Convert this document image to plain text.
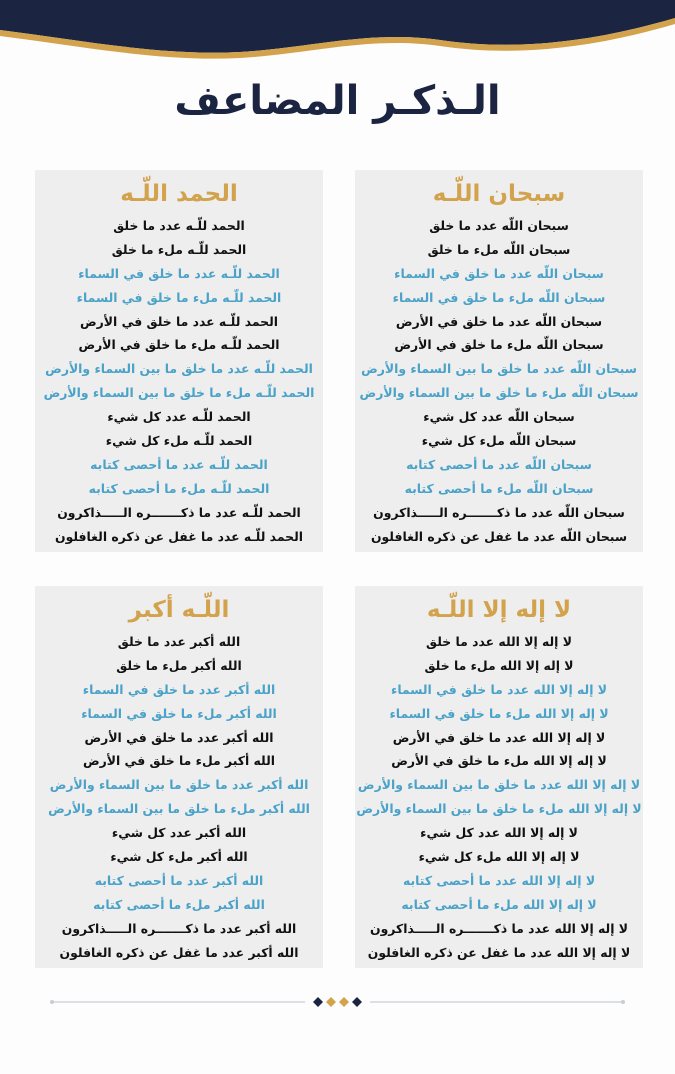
الـذكـر المضاعف
سبحان اللّـه
سبحان اللّه عدد ما خلق
سبحان اللّه ملء ما خلق
سبحان اللّه عدد ما خلق في السماء
سبحان اللّه ملء ما خلق في السماء
سبحان اللّه عدد ما خلق في الأرض
سبحان اللّه ملء ما خلق في الأرض
سبحان اللّه عدد ما خلق ما بين السماء والأرض
سبحان اللّه ملء ما خلق ما بين السماء والأرض
سبحان اللّه عدد كل شيء
سبحان اللّه ملء كل شيء
سبحان اللّه عدد ما أحصى كتابه
سبحان اللّه ملء ما أحصى كتابه
سبحان اللّه عدد ما ذكـــــــره الـــــذاكرون
سبحان اللّه عدد ما غفل عن ذكره الغافلون
الحمد اللّـه
الحمد للّـه عدد ما خلق
الحمد للّـه ملء ما خلق
الحمد للّـه عدد ما خلق في السماء
الحمد للّـه ملء ما خلق في السماء
الحمد للّـه عدد ما خلق في الأرض
الحمد للّـه ملء ما خلق في الأرض
الحمد للّـه عدد ما خلق ما بين السماء والأرض
الحمد للّـه ملء ما خلق ما بين السماء والأرض
الحمد للّـه عدد كل شيء
الحمد للّـه ملء كل شيء
الحمد للّـه عدد ما أحصى كتابه
الحمد للّـه ملء ما أحصى كتابه
الحمد للّـه عدد ما ذكـــــــره الـــــذاكرون
الحمد للّـه عدد ما غفل عن ذكره الغافلون
لا إله إلا اللّـه
لا إله إلا الله عدد ما خلق
لا إله إلا الله ملء ما خلق
لا إله إلا الله عدد ما خلق في السماء
لا إله إلا الله ملء ما خلق في السماء
لا إله إلا الله عدد ما خلق في الأرض
لا إله إلا الله ملء ما خلق في الأرض
لا إله إلا الله عدد ما خلق ما بين السماء والأرض
لا إله إلا الله ملء ما خلق ما بين السماء والأرض
لا إله إلا الله عدد كل شيء
لا إله إلا الله ملء كل شيء
لا إله إلا الله عدد ما أحصى كتابه
لا إله إلا الله ملء ما أحصى كتابه
لا إله إلا الله عدد ما ذكـــــــره الـــــذاكرون
لا إله إلا الله عدد ما غفل عن ذكره الغافلون
اللّـه أكبر
الله أكبر عدد ما خلق
الله أكبر ملء ما خلق
الله أكبر عدد ما خلق في السماء
الله أكبر ملء ما خلق في السماء
الله أكبر عدد ما خلق في الأرض
الله أكبر ملء ما خلق في الأرض
الله أكبر عدد ما خلق ما بين السماء والأرض
الله أكبر ملء ما خلق ما بين السماء والأرض
الله أكبر عدد كل شيء
الله أكبر ملء كل شيء
الله أكبر عدد ما أحصى كتابه
الله أكبر ملء ما أحصى كتابه
الله أكبر عدد ما ذكـــــــره الـــــذاكرون
الله أكبر عدد ما غفل عن ذكره الغافلون
